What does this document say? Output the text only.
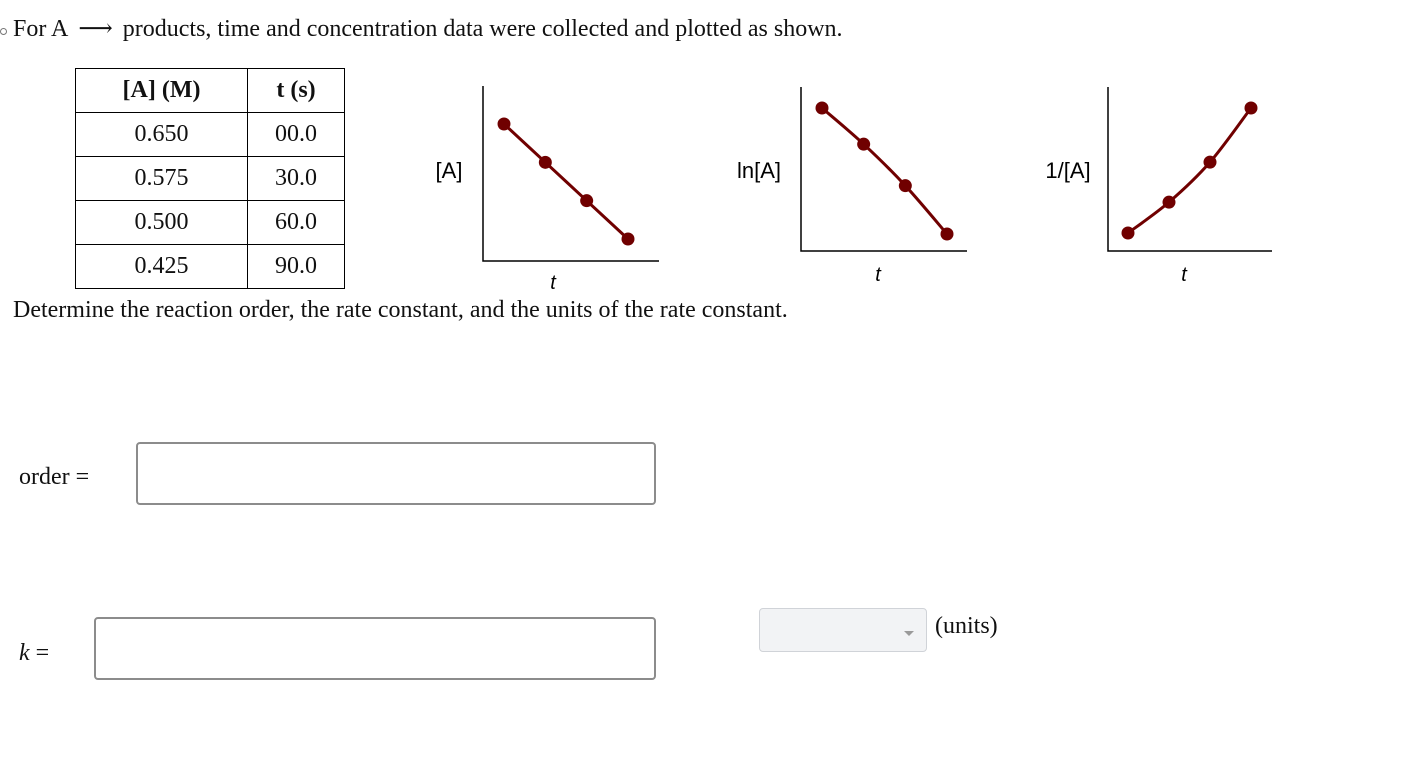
For A ⟶ products, time and concentration data were collected and plotted as shown.
[A] (M)	t (s)
0.650	00.0
0.575	30.0
0.500	60.0
0.425	90.0
[A]
t
ln[A]
t
1/[A]
t
Determine the reaction order, the rate constant, and the units of the rate constant.
order =
k =
(units)
